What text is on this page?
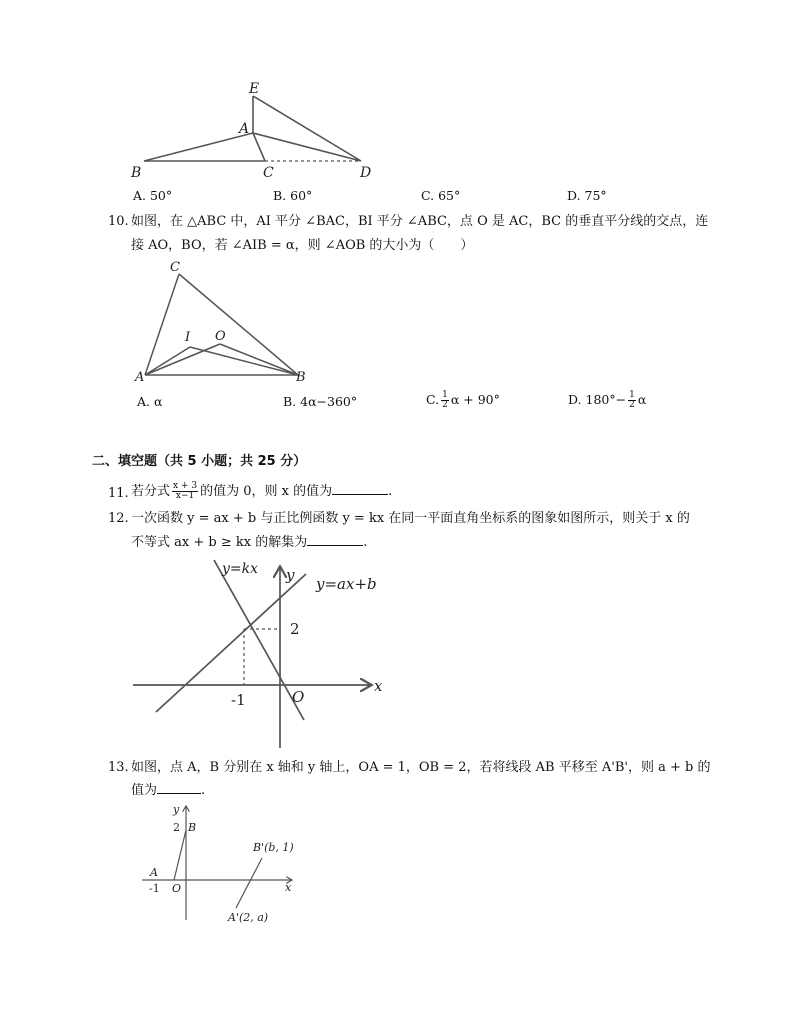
E
A
B	C	D
A. 50°	B. 60°	C. 65°	D. 75°
10. 如图，在 △ABC 中，AI 平分 ∠BAC，BI 平分 ∠ABC，点 O 是 AC，BC 的垂直平分线的交点，连
接 AO，BO，若 ∠AIB = α，则 ∠AOB 的大小为（　　）
C
I O
A	B
A. α	B. 4α−360°	C. $\frac{1}{2}$ α + 90°	D. $180^\circ- \frac{1}{2}$ α
二、填空题（共 5 小题；共 25 分）
11. 若分式 $\frac{x + 3}{x-1}$ 的值为 0，则 x 的值为	.
12. 一次函数 y = ax + b 与正比例函数 y = kx 在同一平面直角坐标系的图象如图所示，则关于 x 的
不等式 ax + b ≥ kx 的解集为	.
y=kx y y=ax+b
2
-1	O
x
13. 如图，点 A，B 分别在 x 轴和 y 轴上，OA = 1，OB = 2，若将线段 AB 平移至 A'B'，则 a + b 的
值为	.
y
2 B
B'(b, 1)
A
-1 O	x
A'(2, a)
